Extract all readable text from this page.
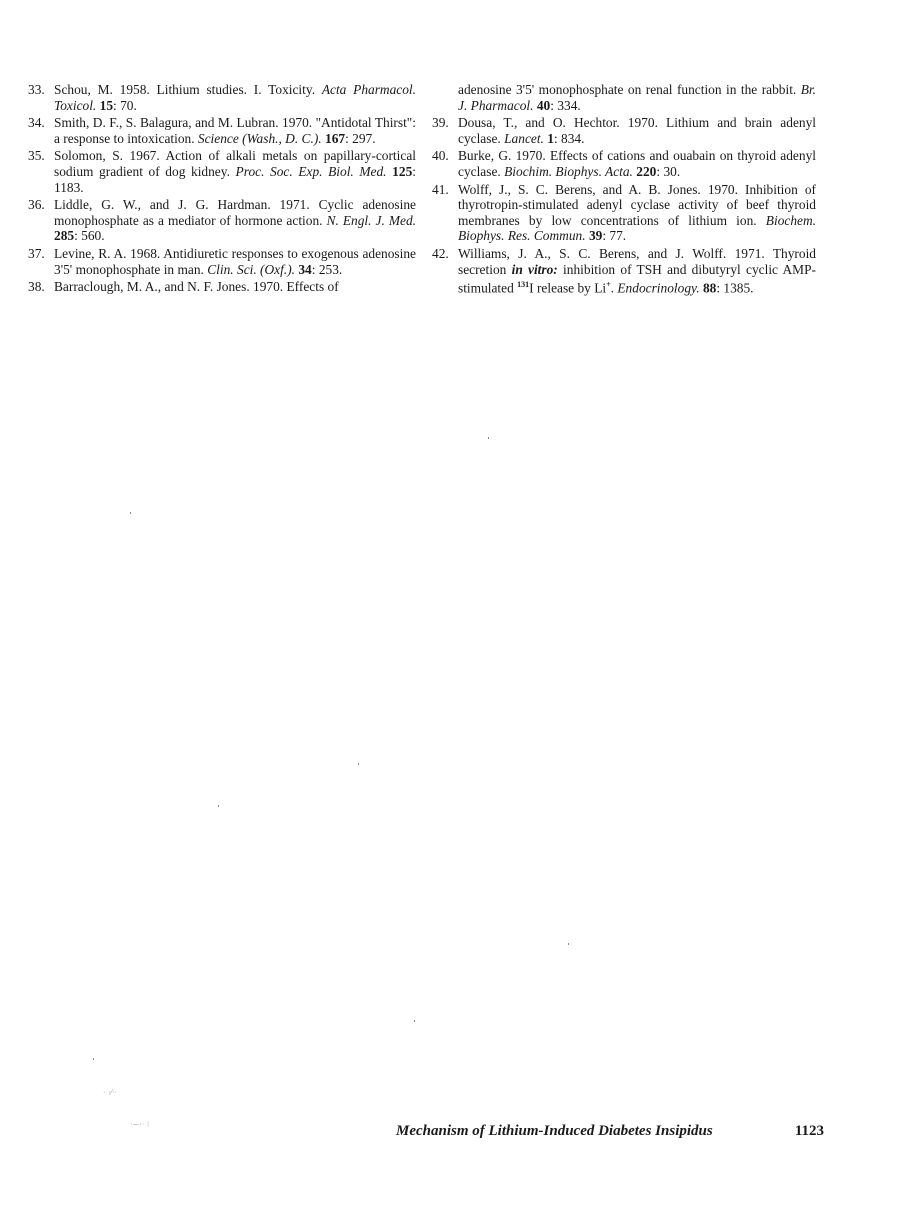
33. Schou, M. 1958. Lithium studies. I. Toxicity. Acta Pharmacol. Toxicol. 15: 70.
34. Smith, D. F., S. Balagura, and M. Lubran. 1970. "Antidotal Thirst": a response to intoxication. Science (Wash., D. C.). 167: 297.
35. Solomon, S. 1967. Action of alkali metals on papillary-cortical sodium gradient of dog kidney. Proc. Soc. Exp. Biol. Med. 125: 1183.
36. Liddle, G. W., and J. G. Hardman. 1971. Cyclic adenosine monophosphate as a mediator of hormone action. N. Engl. J. Med. 285: 560.
37. Levine, R. A. 1968. Antidiuretic responses to exogenous adenosine 3'5' monophosphate in man. Clin. Sci. (Oxf.). 34: 253.
38. Barraclough, M. A., and N. F. Jones. 1970. Effects of
adenosine 3'5' monophosphate on renal function in the rabbit. Br. J. Pharmacol. 40: 334.
39. Dousa, T., and O. Hechtor. 1970. Lithium and brain adenyl cyclase. Lancet. 1: 834.
40. Burke, G. 1970. Effects of cations and ouabain on thyroid adenyl cyclase. Biochim. Biophys. Acta. 220: 30.
41. Wolff, J., S. C. Berens, and A. B. Jones. 1970. Inhibition of thyrotropin-stimulated adenyl cyclase activity of beef thyroid membranes by low concentrations of lithium ion. Biochem. Biophys. Res. Commun. 39: 77.
42. Williams, J. A., S. C. Berens, and J. Wolff. 1971. Thyroid secretion in vitro: inhibition of TSH and dibutyryl cyclic AMP-stimulated $^{131}$I release by Li+. Endocrinology. 88: 1385.
Mechanism of Lithium-Induced Diabetes Insipidus	1123
· ·⁄··
·~·· ⁝
